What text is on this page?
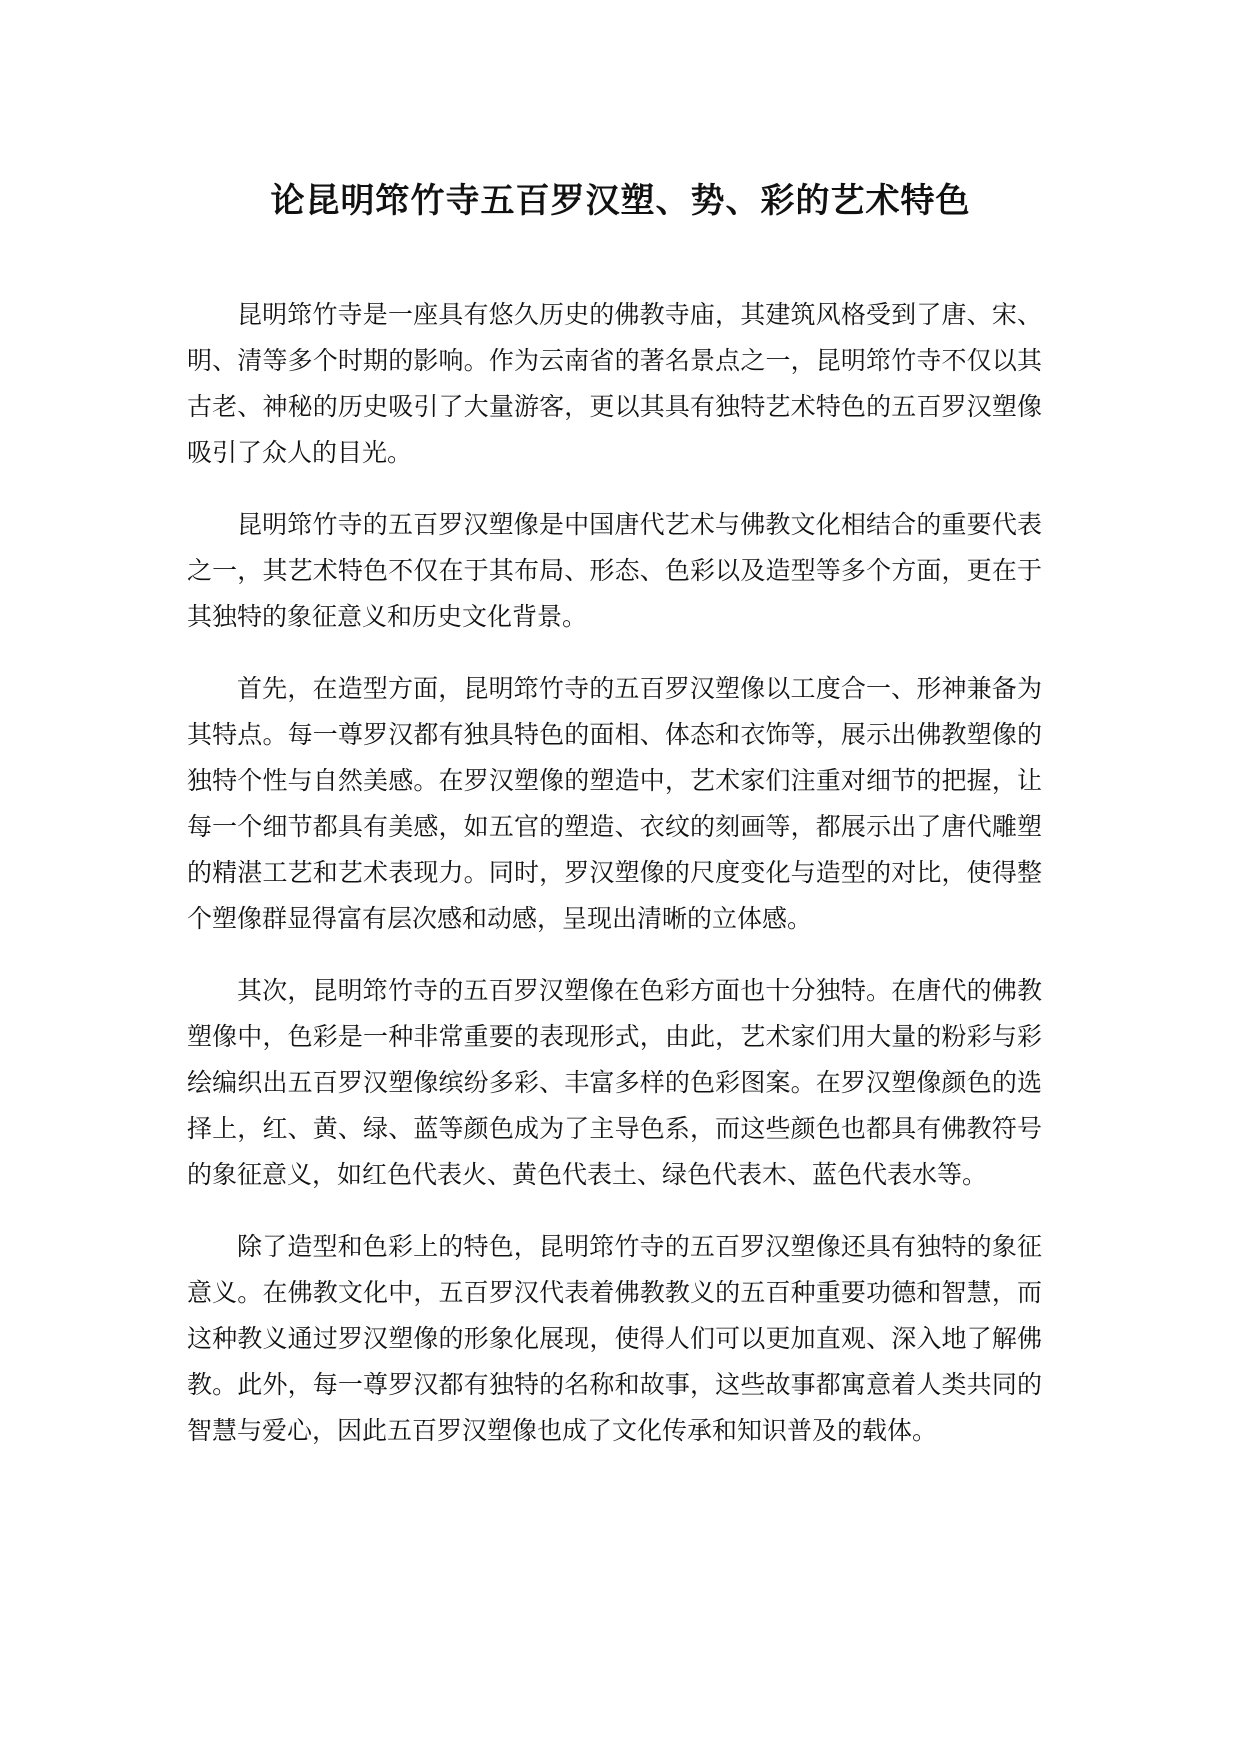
论昆明筇竹寺五百罗汉塑、势、彩的艺术特色

昆明筇竹寺是一座具有悠久历史的佛教寺庙，其建筑风格受到了唐、宋、明、清等多个时期的影响。作为云南省的著名景点之一，昆明筇竹寺不仅以其古老、神秘的历史吸引了大量游客，更以其具有独特艺术特色的五百罗汉塑像吸引了众人的目光。

昆明筇竹寺的五百罗汉塑像是中国唐代艺术与佛教文化相结合的重要代表之一，其艺术特色不仅在于其布局、形态、色彩以及造型等多个方面，更在于其独特的象征意义和历史文化背景。

首先，在造型方面，昆明筇竹寺的五百罗汉塑像以工度合一、形神兼备为其特点。每一尊罗汉都有独具特色的面相、体态和衣饰等，展示出佛教塑像的独特个性与自然美感。在罗汉塑像的塑造中，艺术家们注重对细节的把握，让每一个细节都具有美感，如五官的塑造、衣纹的刻画等，都展示出了唐代雕塑的精湛工艺和艺术表现力。同时，罗汉塑像的尺度变化与造型的对比，使得整个塑像群显得富有层次感和动感，呈现出清晰的立体感。

其次，昆明筇竹寺的五百罗汉塑像在色彩方面也十分独特。在唐代的佛教塑像中，色彩是一种非常重要的表现形式，由此，艺术家们用大量的粉彩与彩绘编织出五百罗汉塑像缤纷多彩、丰富多样的色彩图案。在罗汉塑像颜色的选择上，红、黄、绿、蓝等颜色成为了主导色系，而这些颜色也都具有佛教符号的象征意义，如红色代表火、黄色代表土、绿色代表木、蓝色代表水等。

除了造型和色彩上的特色，昆明筇竹寺的五百罗汉塑像还具有独特的象征意义。在佛教文化中，五百罗汉代表着佛教教义的五百种重要功德和智慧，而这种教义通过罗汉塑像的形象化展现，使得人们可以更加直观、深入地了解佛教。此外，每一尊罗汉都有独特的名称和故事，这些故事都寓意着人类共同的智慧与爱心，因此五百罗汉塑像也成了文化传承和知识普及的载体。
